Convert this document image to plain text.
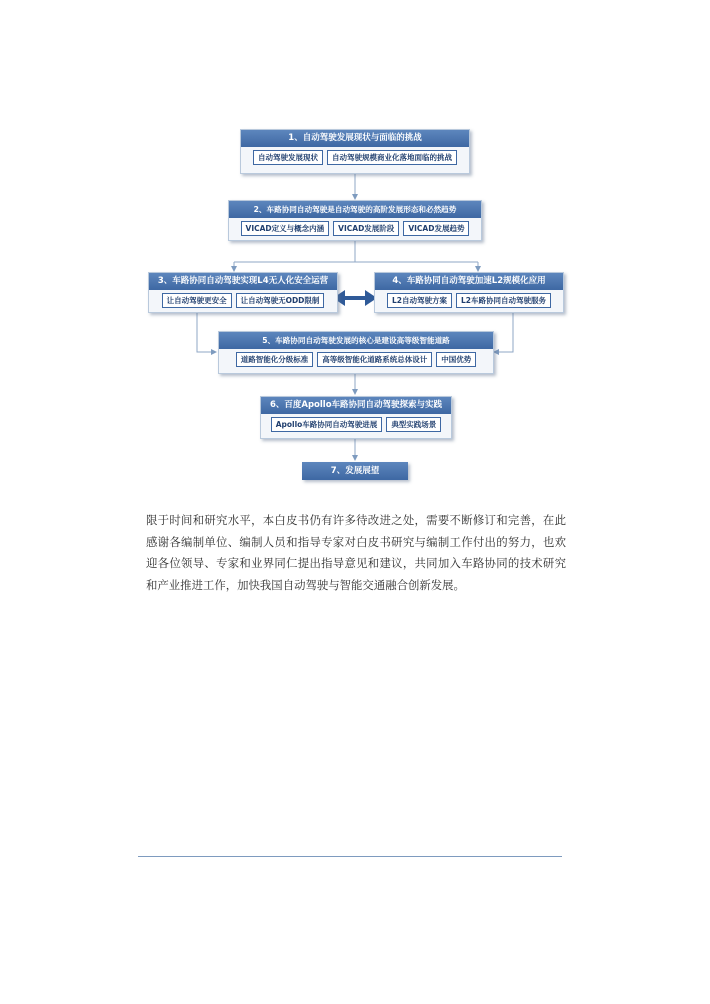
1、自动驾驶发展现状与面临的挑战
自动驾驶发展现状	自动驾驶规模商业化落地面临的挑战
2、车路协同自动驾驶是自动驾驶的高阶发展形态和必然趋势
VICAD定义与概念内涵	VICAD发展阶段	VICAD发展趋势
3、车路协同自动驾驶实现L4无人化安全运营
让自动驾驶更安全	让自动驾驶无ODD限制
4、车路协同自动驾驶加速L2规模化应用
L2自动驾驶方案	L2车路协同自动驾驶服务
5、车路协同自动驾驶发展的核心是建设高等级智能道路
道路智能化分级标准	高等级智能化道路系统总体设计	中国优势
6、百度Apollo车路协同自动驾驶探索与实践
Apollo车路协同自动驾驶进展	典型实践场景
7、发展展望
限于时间和研究水平，本白皮书仍有许多待改进之处，需要不断修订和完善，在此感谢各编制单位、编制人员和指导专家对白皮书研究与编制工作付出的努力，也欢迎各位领导、专家和业界同仁提出指导意见和建议，共同加入车路协同的技术研究和产业推进工作，加快我国自动驾驶与智能交通融合创新发展。
